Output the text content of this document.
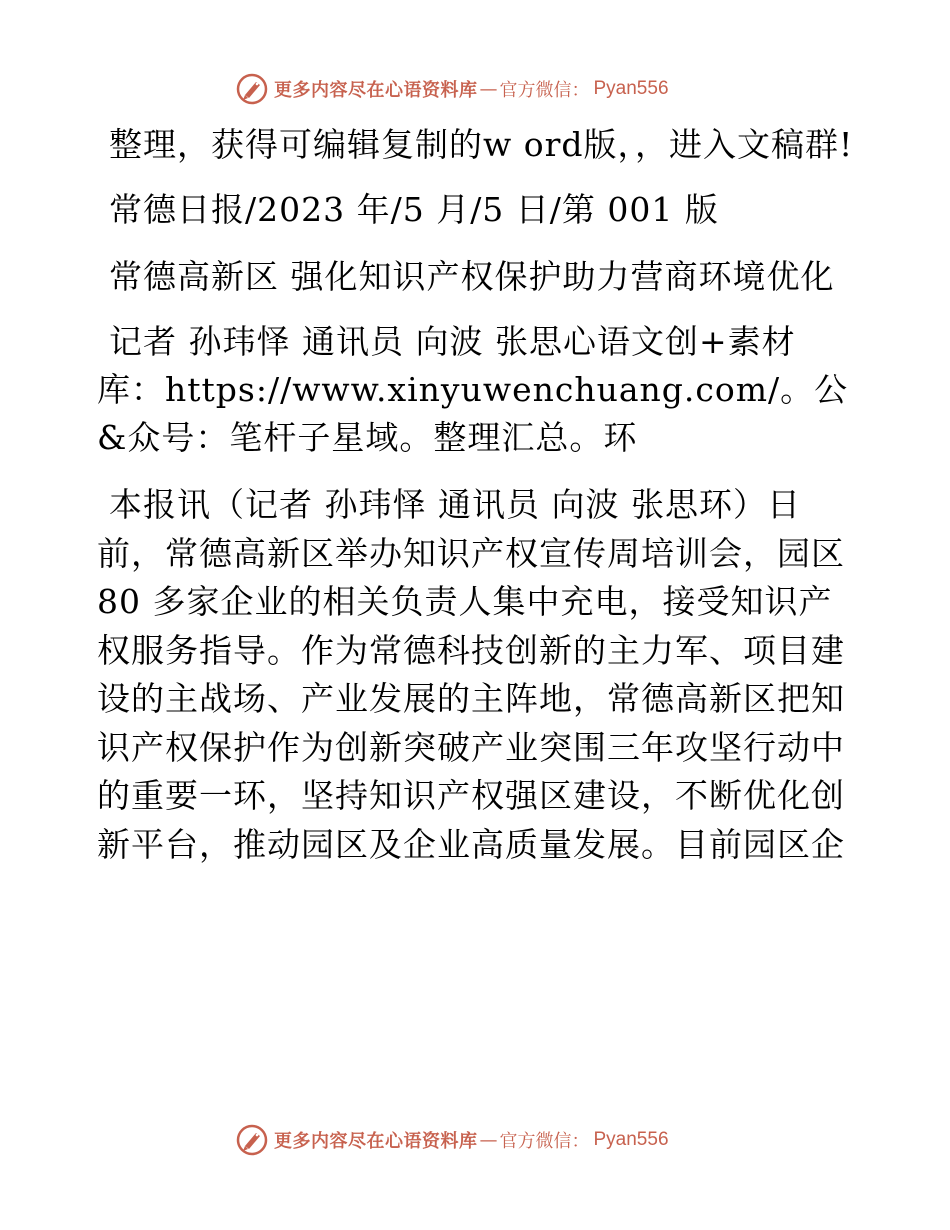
更多内容尽在心语资料库 — 官方微信： Pyan556

整理，获得可编辑复制的w ord版，，进入文稿群!

常德日报/2023 年/5 月/5 日/第 001 版

常德高新区 强化知识产权保护助力营商环境优化

记者 孙玮怿 通讯员 向波 张思心语文创+素材库：https://www.xinyuwenchuang.com/。公&众号：笔杆子星域。整理汇总。环

本报讯（记者 孙玮怿 通讯员 向波 张思环）日前，常德高新区举办知识产权宣传周培训会，园区 80 多家企业的相关负责人集中充电，接受知识产权服务指导。作为常德科技创新的主力军、项目建设的主战场、产业发展的主阵地，常德高新区把知识产权保护作为创新突破产业突围三年攻坚行动中的重要一环，坚持知识产权强区建设，不断优化创新平台，推动园区及企业高质量发展。目前园区企

更多内容尽在心语资料库 — 官方微信： Pyan556
